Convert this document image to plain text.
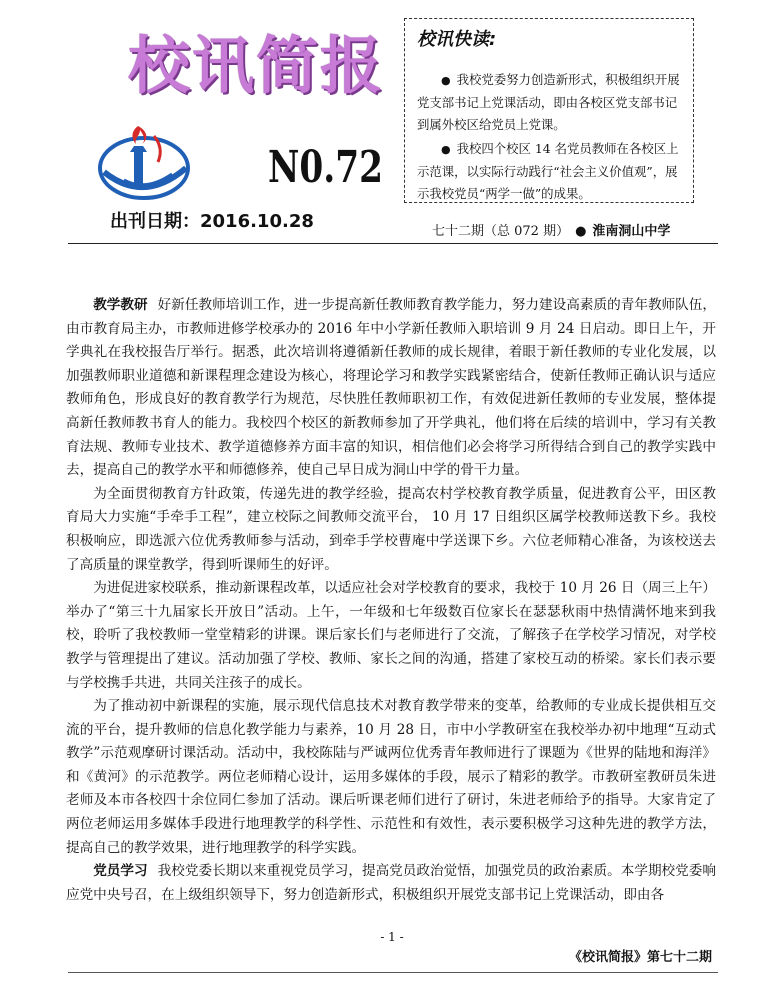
校讯简报
N0.72
出刊日期：2016.10.28
校讯快读:
● 我校党委努力创造新形式，积极组织开展党支部书记上党课活动，即由各校区党支部书记到属外校区给党员上党课。
● 我校四个校区 14 名党员教师在各校区上示范课，以实际行动践行“社会主义价值观”，展示我校党员“两学一做”的成果。
七十二期（总 072 期） ● 淮南洞山中学

教学教研 好新任教师培训工作，进一步提高新任教师教育教学能力，努力建设高素质的青年教师队伍，由市教育局主办，市教师进修学校承办的 2016 年中小学新任教师入职培训 9 月 24 日启动。即日上午，开学典礼在我校报告厅举行。据悉，此次培训将遵循新任教师的成长规律，着眼于新任教师的专业化发展，以加强教师职业道德和新课程理念建设为核心，将理论学习和教学实践紧密结合，使新任教师正确认识与适应教师角色，形成良好的教育教学行为规范，尽快胜任教师职初工作，有效促进新任教师的专业发展，整体提高新任教师教书育人的能力。我校四个校区的新教师参加了开学典礼，他们将在后续的培训中，学习有关教育法规、教师专业技术、教学道德修养方面丰富的知识，相信他们必会将学习所得结合到自己的教学实践中去，提高自己的教学水平和师德修养，使自己早日成为洞山中学的骨干力量。

为全面贯彻教育方针政策，传递先进的教学经验，提高农村学校教育教学质量，促进教育公平，田区教育局大力实施“手牵手工程”，建立校际之间教师交流平台， 10 月 17 日组织区属学校教师送教下乡。我校积极响应，即选派六位优秀教师参与活动，到牵手学校曹庵中学送课下乡。六位老师精心准备，为该校送去了高质量的课堂教学，得到听课师生的好评。

为进促进家校联系，推动新课程改革，以适应社会对学校教育的要求，我校于 10 月 26 日（周三上午）举办了“第三十九届家长开放日”活动。上午，一年级和七年级数百位家长在瑟瑟秋雨中热情满怀地来到我校，聆听了我校教师一堂堂精彩的讲课。课后家长们与老师进行了交流，了解孩子在学校学习情况，对学校教学与管理提出了建议。活动加强了学校、教师、家长之间的沟通，搭建了家校互动的桥梁。家长们表示要与学校携手共进，共同关注孩子的成长。

为了推动初中新课程的实施，展示现代信息技术对教育教学带来的变革，给教师的专业成长提供相互交流的平台，提升教师的信息化教学能力与素养，10 月 28 日，市中小学教研室在我校举办初中地理“互动式教学”示范观摩研讨课活动。活动中，我校陈陆与严诚两位优秀青年教师进行了课题为《世界的陆地和海洋》和《黄河》的示范教学。两位老师精心设计，运用多媒体的手段，展示了精彩的教学。市教研室教研员朱进老师及本市各校四十余位同仁参加了活动。课后听课老师们进行了研讨，朱进老师给予的指导。大家肯定了两位老师运用多媒体手段进行地理教学的科学性、示范性和有效性，表示要积极学习这种先进的教学方法，提高自己的教学效果，进行地理教学的科学实践。

党员学习 我校党委长期以来重视党员学习，提高党员政治觉悟，加强党员的政治素质。本学期校党委响应党中央号召，在上级组织领导下，努力创造新形式，积极组织开展党支部书记上党课活动，即由各

- 1 -
《校讯简报》第七十二期
